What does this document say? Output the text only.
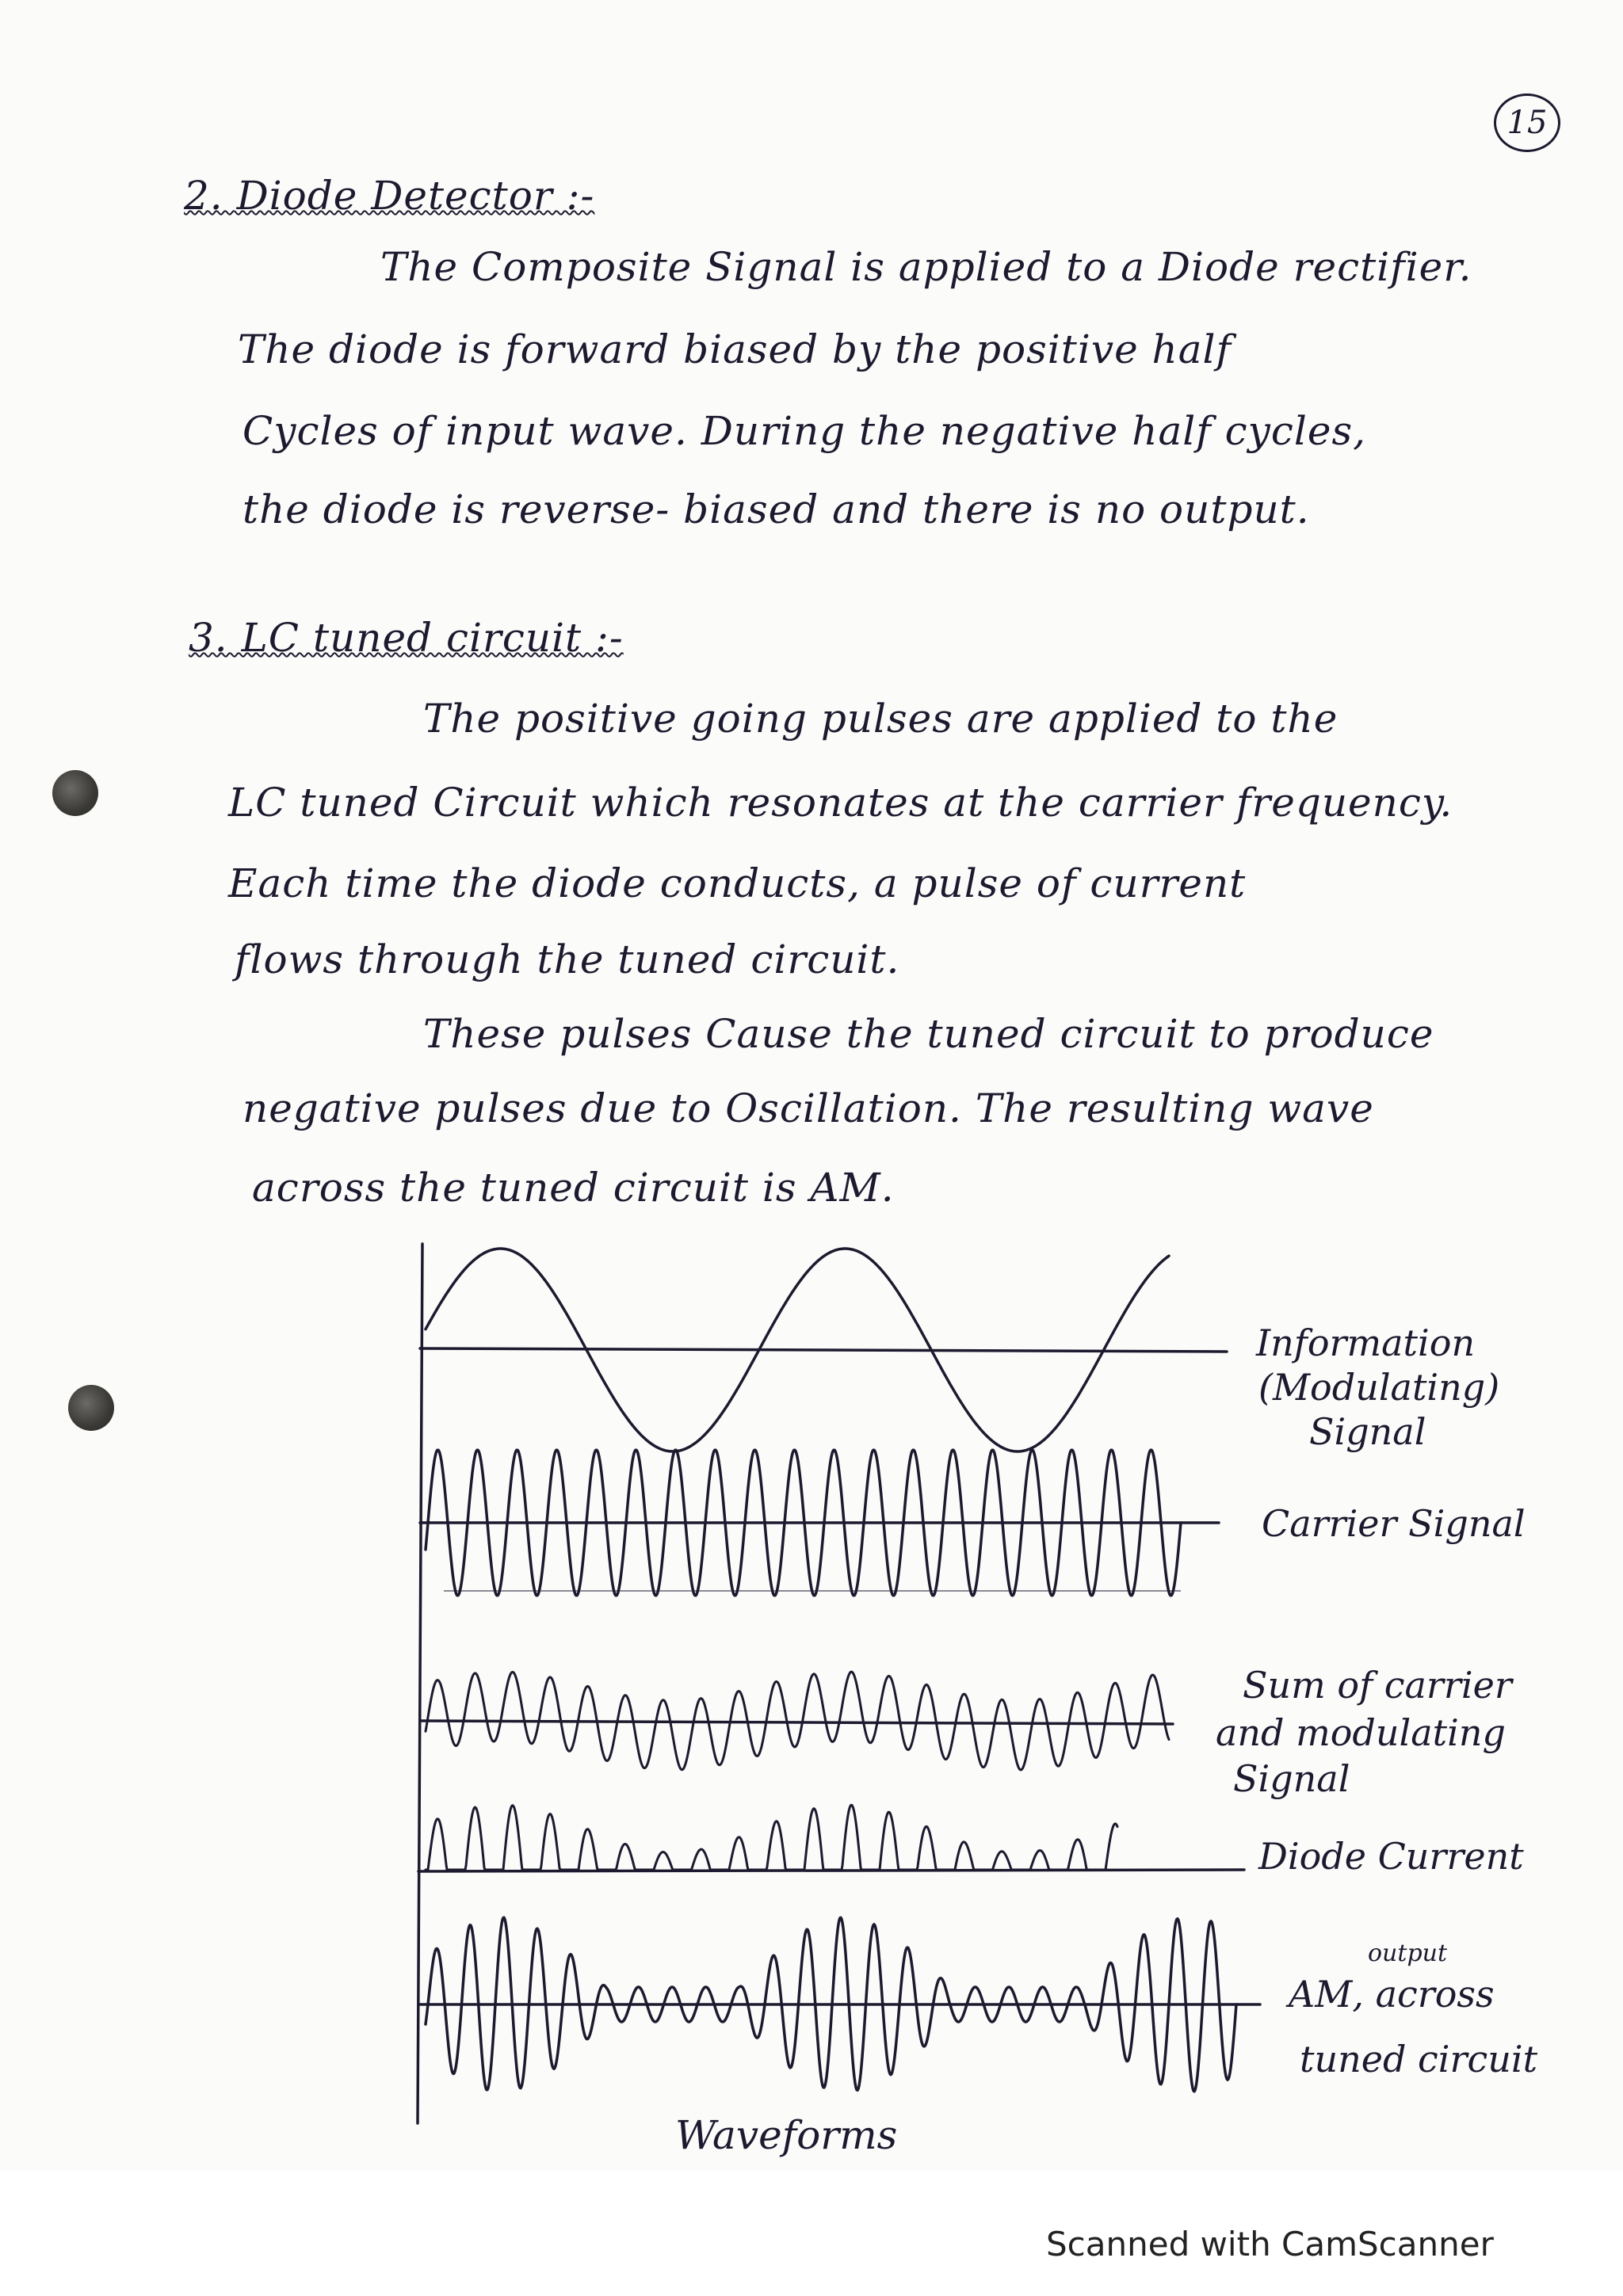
15
2. Diode Detector :-
The Composite Signal is applied to a Diode rectifier.
The diode is forward biased by the positive half
Cycles of input wave. During the negative half cycles,
the diode is reverse- biased and there is no output.
3. LC tuned circuit :-
The positive going pulses are applied to the
LC tuned Circuit which resonates at the carrier frequency.
Each time the diode conducts, a pulse of current
flows through the tuned circuit.
These pulses Cause the tuned circuit to produce
negative pulses due to Oscillation. The resulting wave
across the tuned circuit is AM.
Information
(Modulating)
Signal
Carrier Signal
Sum of carrier
and modulating
Signal
Diode Current
output
AM, across
tuned circuit
Waveforms
Scanned with CamScanner
